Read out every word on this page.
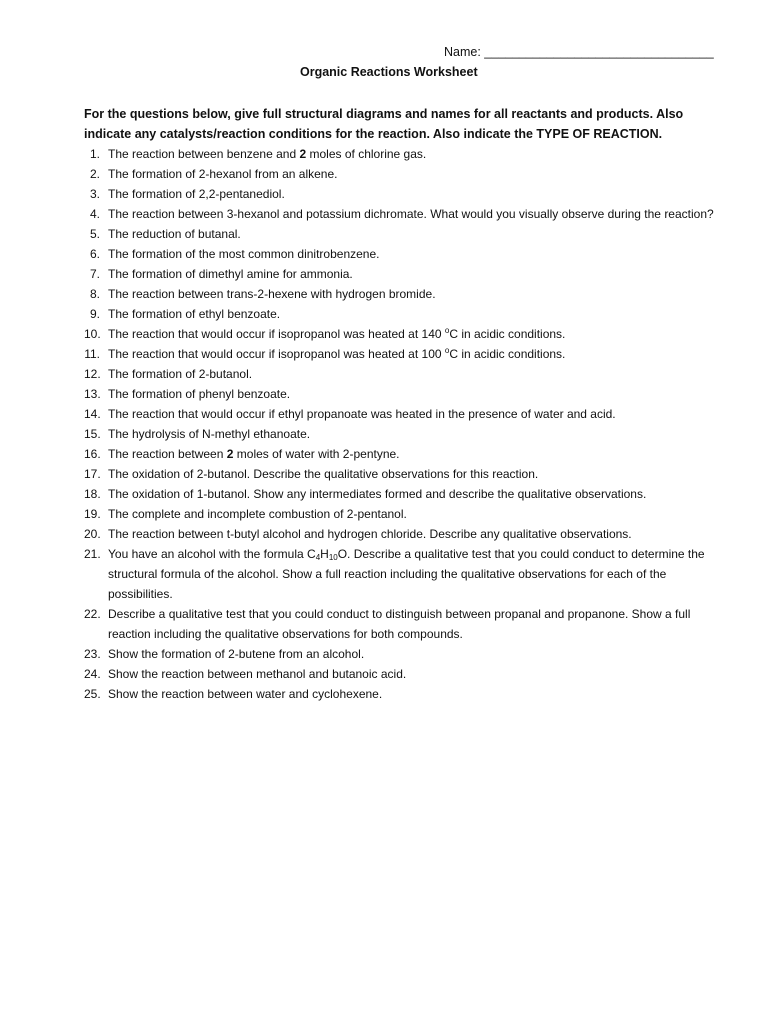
Name: _________________________________
Organic Reactions Worksheet
For the questions below, give full structural diagrams and names for all reactants and products. Also indicate any catalysts/reaction conditions for the reaction. Also indicate the TYPE OF REACTION.
1. The reaction between benzene and 2 moles of chlorine gas.
2. The formation of 2-hexanol from an alkene.
3. The formation of 2,2-pentanediol.
4. The reaction between 3-hexanol and potassium dichromate. What would you visually observe during the reaction?
5. The reduction of butanal.
6. The formation of the most common dinitrobenzene.
7. The formation of dimethyl amine for ammonia.
8. The reaction between trans-2-hexene with hydrogen bromide.
9. The formation of ethyl benzoate.
10. The reaction that would occur if isopropanol was heated at 140 $^o$C in acidic conditions.
11. The reaction that would occur if isopropanol was heated at 100 $^o$C in acidic conditions.
12. The formation of 2-butanol.
13. The formation of phenyl benzoate.
14. The reaction that would occur if ethyl propanoate was heated in the presence of water and acid.
15. The hydrolysis of N-methyl ethanoate.
16. The reaction between 2 moles of water with 2-pentyne.
17. The oxidation of 2-butanol. Describe the qualitative observations for this reaction.
18. The oxidation of 1-butanol. Show any intermediates formed and describe the qualitative observations.
19. The complete and incomplete combustion of 2-pentanol.
20. The reaction between t-butyl alcohol and hydrogen chloride. Describe any qualitative observations.
21. You have an alcohol with the formula $C_4H_{10}O$. Describe a qualitative test that you could conduct to determine the structural formula of the alcohol. Show a full reaction including the qualitative observations for each of the possibilities.
22. Describe a qualitative test that you could conduct to distinguish between propanal and propanone. Show a full reaction including the qualitative observations for both compounds.
23. Show the formation of 2-butene from an alcohol.
24. Show the reaction between methanol and butanoic acid.
25. Show the reaction between water and cyclohexene.
